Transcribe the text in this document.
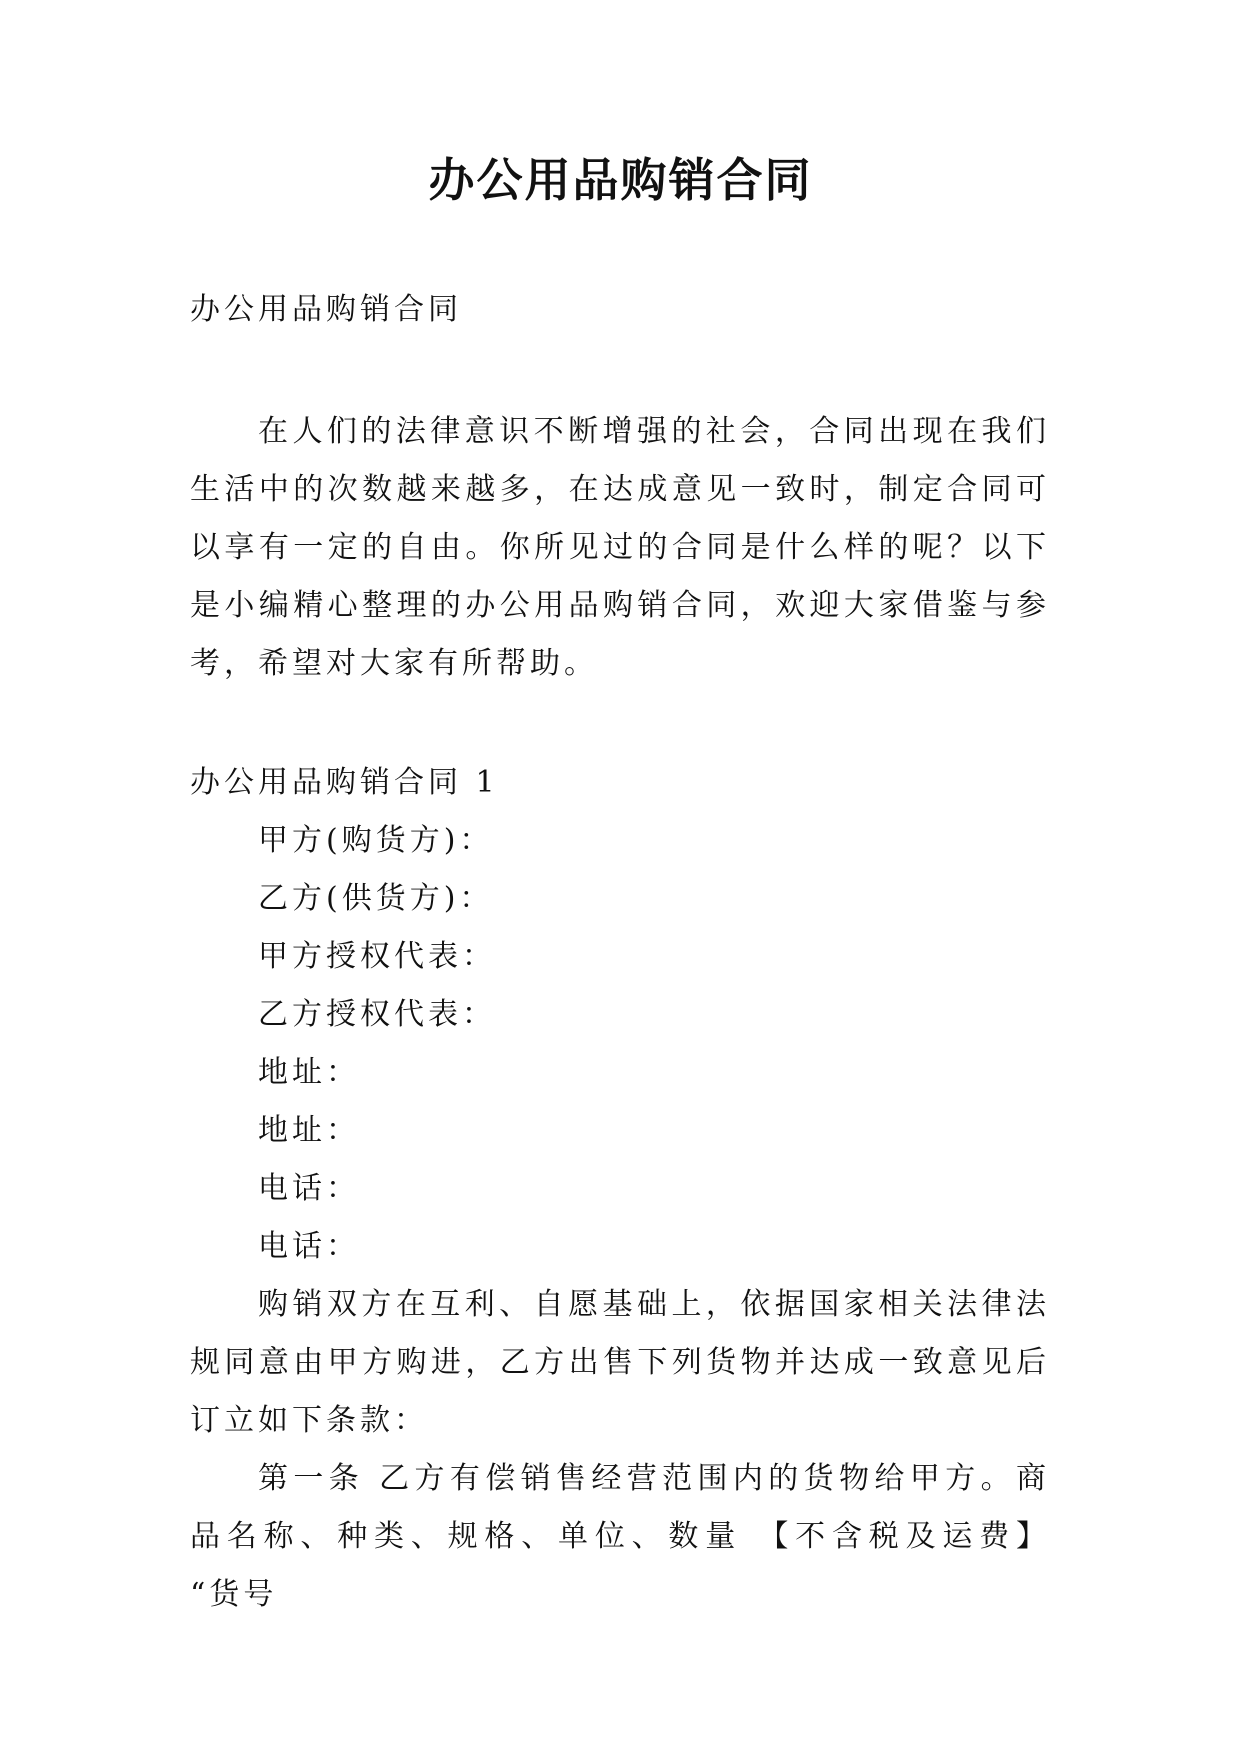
办公用品购销合同
办公用品购销合同

在人们的法律意识不断增强的社会，合同出现在我们生活中的次数越来越多，在达成意见一致时，制定合同可以享有一定的自由。你所见过的合同是什么样的呢？以下是小编精心整理的办公用品购销合同，欢迎大家借鉴与参考，希望对大家有所帮助。

办公用品购销合同 1

甲方(购货方)：

乙方(供货方)：

甲方授权代表：

乙方授权代表：

地址：

地址：

电话：

电话：

购销双方在互利、自愿基础上，依据国家相关法律法规同意由甲方购进，乙方出售下列货物并达成一致意见后订立如下条款：

第一条 乙方有偿销售经营范围内的货物给甲方。商品名称、种类、规格、单位、数量 【不含税及运费】 “货号
